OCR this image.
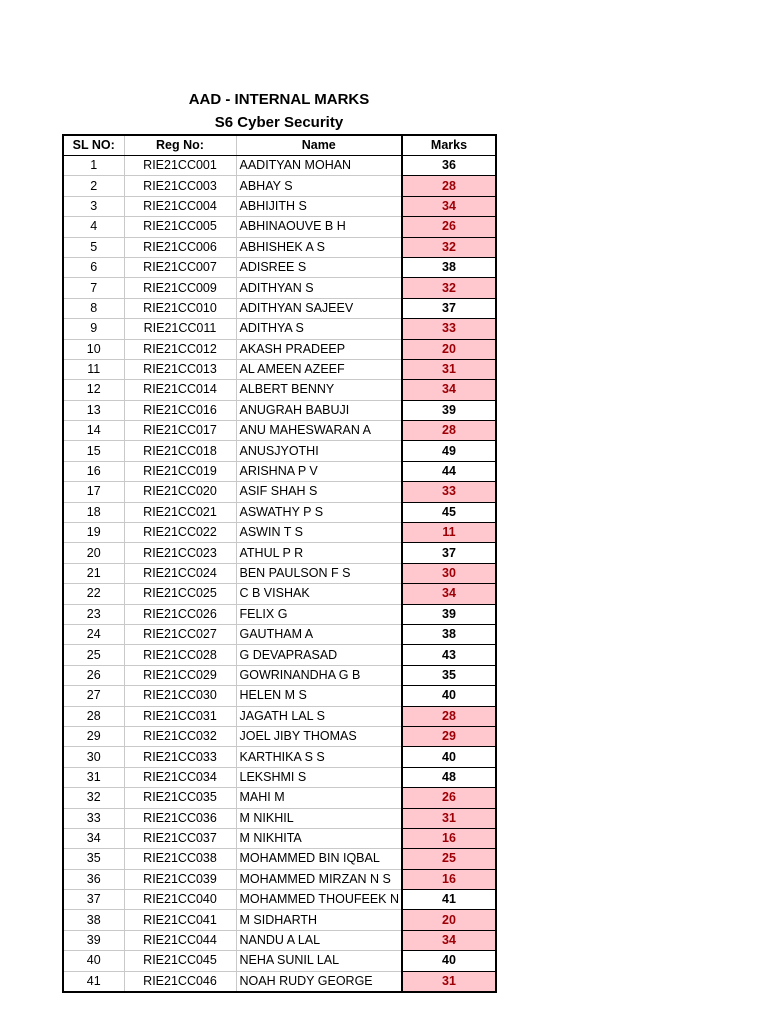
AAD - INTERNAL MARKS
S6 Cyber Security
SL NO:	Reg No:	Name	Marks
1	RIE21CC001	AADITYAN MOHAN	36
2	RIE21CC003	ABHAY S	28
3	RIE21CC004	ABHIJITH S	34
4	RIE21CC005	ABHINAOUVE B H	26
5	RIE21CC006	ABHISHEK A S	32
6	RIE21CC007	ADISREE S	38
7	RIE21CC009	ADITHYAN S	32
8	RIE21CC010	ADITHYAN SAJEEV	37
9	RIE21CC011	ADITHYA S	33
10	RIE21CC012	AKASH PRADEEP	20
11	RIE21CC013	AL AMEEN AZEEF	31
12	RIE21CC014	ALBERT BENNY	34
13	RIE21CC016	ANUGRAH BABUJI	39
14	RIE21CC017	ANU MAHESWARAN A	28
15	RIE21CC018	ANUSJYOTHI	49
16	RIE21CC019	ARISHNA P V	44
17	RIE21CC020	ASIF SHAH S	33
18	RIE21CC021	ASWATHY P S	45
19	RIE21CC022	ASWIN T S	11
20	RIE21CC023	ATHUL P R	37
21	RIE21CC024	BEN PAULSON F S	30
22	RIE21CC025	C B VISHAK	34
23	RIE21CC026	FELIX G	39
24	RIE21CC027	GAUTHAM A	38
25	RIE21CC028	G DEVAPRASAD	43
26	RIE21CC029	GOWRINANDHA G B	35
27	RIE21CC030	HELEN M S	40
28	RIE21CC031	JAGATH LAL S	28
29	RIE21CC032	JOEL JIBY THOMAS	29
30	RIE21CC033	KARTHIKA S S	40
31	RIE21CC034	LEKSHMI S	48
32	RIE21CC035	MAHI M	26
33	RIE21CC036	M NIKHIL	31
34	RIE21CC037	M NIKHITA	16
35	RIE21CC038	MOHAMMED BIN IQBAL	25
36	RIE21CC039	MOHAMMED MIRZAN N S	16
37	RIE21CC040	MOHAMMED THOUFEEK N	41
38	RIE21CC041	M SIDHARTH	20
39	RIE21CC044	NANDU A LAL	34
40	RIE21CC045	NEHA SUNIL LAL	40
41	RIE21CC046	NOAH RUDY GEORGE	31
